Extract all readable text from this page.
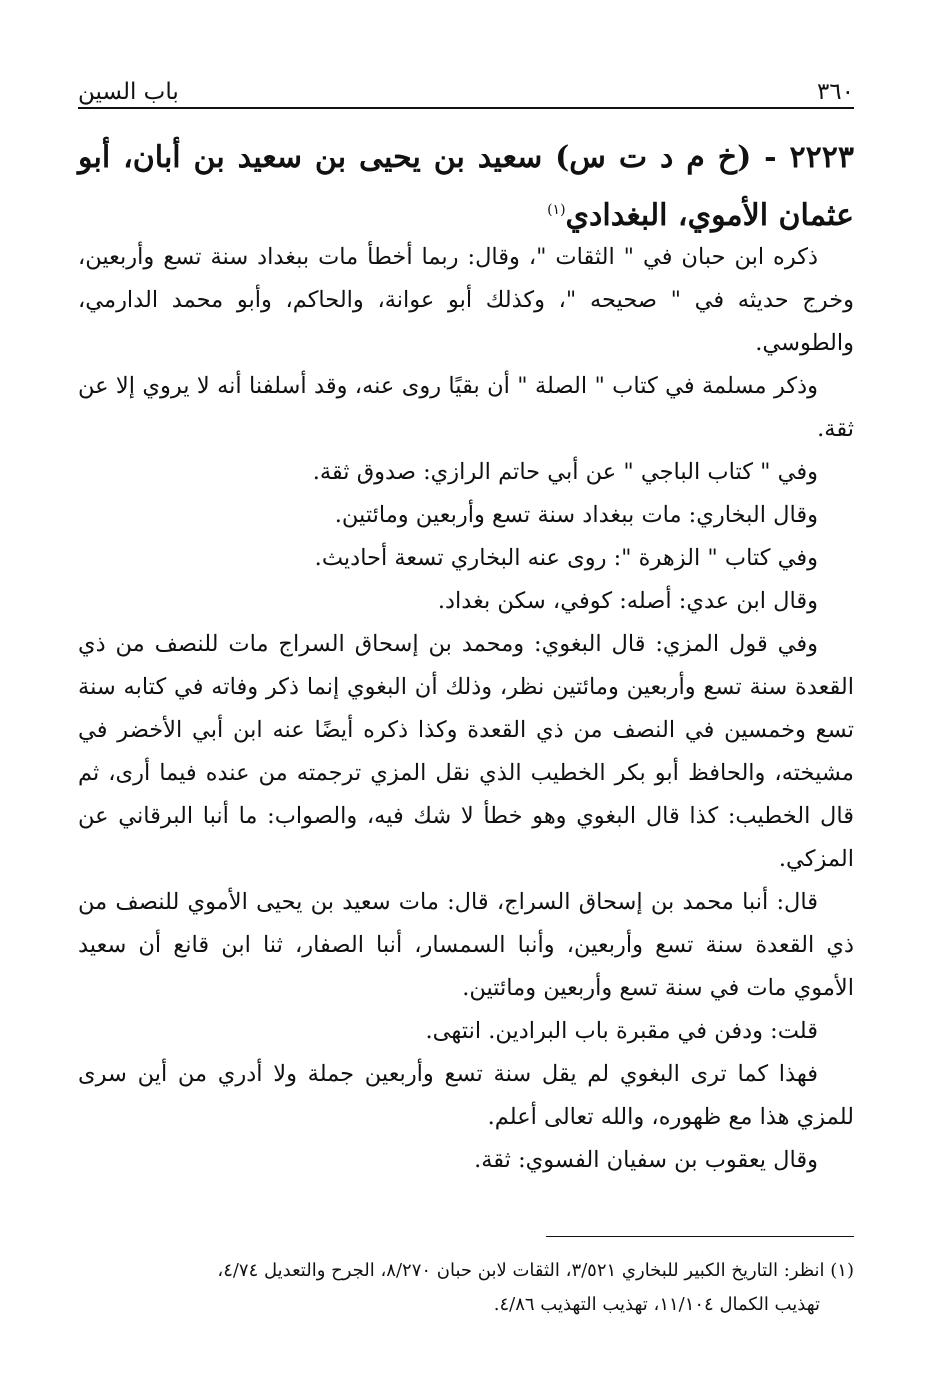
٣٦٠
باب السين
٢٢٢٣ - (خ م د ت س) سعيد بن يحيى بن سعيد بن أبان، أبو عثمان الأموي، البغدادي$^{(١)}$

ذكره ابن حبان في " الثقات "، وقال: ربما أخطأ مات ببغداد سنة تسع وأربعين، وخرج حديثه في " صحيحه "، وكذلك أبو عوانة، والحاكم، وأبو محمد الدارمي، والطوسي.

وذكر مسلمة في كتاب " الصلة " أن بقيًا روى عنه، وقد أسلفنا أنه لا يروي إلا عن ثقة.

وفي " كتاب الباجي " عن أبي حاتم الرازي: صدوق ثقة.

وقال البخاري: مات ببغداد سنة تسع وأربعين ومائتين.

وفي كتاب " الزهرة ": روى عنه البخاري تسعة أحاديث.

وقال ابن عدي: أصله: كوفي، سكن بغداد.

وفي قول المزي: قال البغوي: ومحمد بن إسحاق السراج مات للنصف من ذي القعدة سنة تسع وأربعين ومائتين نظر، وذلك أن البغوي إنما ذكر وفاته في كتابه سنة تسع وخمسين في النصف من ذي القعدة وكذا ذكره أيضًا عنه ابن أبي الأخضر في مشيخته، والحافظ أبو بكر الخطيب الذي نقل المزي ترجمته من عنده فيما أرى، ثم قال الخطيب: كذا قال البغوي وهو خطأ لا شك فيه، والصواب: ما أنبا البرقاني عن المزكي.

قال: أنبا محمد بن إسحاق السراج، قال: مات سعيد بن يحيى الأموي للنصف من ذي القعدة سنة تسع وأربعين، وأنبا السمسار، أنبا الصفار، ثنا ابن قانع أن سعيد الأموي مات في سنة تسع وأربعين ومائتين.

قلت: ودفن في مقبرة باب البرادين. انتهى.

فهذا كما ترى البغوي لم يقل سنة تسع وأربعين جملة ولا أدري من أين سرى للمزي هذا مع ظهوره، والله تعالى أعلم.

وقال يعقوب بن سفيان الفسوي: ثقة.

(١) انظر: التاريخ الكبير للبخاري ٣/٥٢١، الثقات لابن حبان ٨/٢٧٠، الجرح والتعديل ٤/٧٤،

تهذيب الكمال ١١/١٠٤، تهذيب التهذيب ٤/٨٦.
